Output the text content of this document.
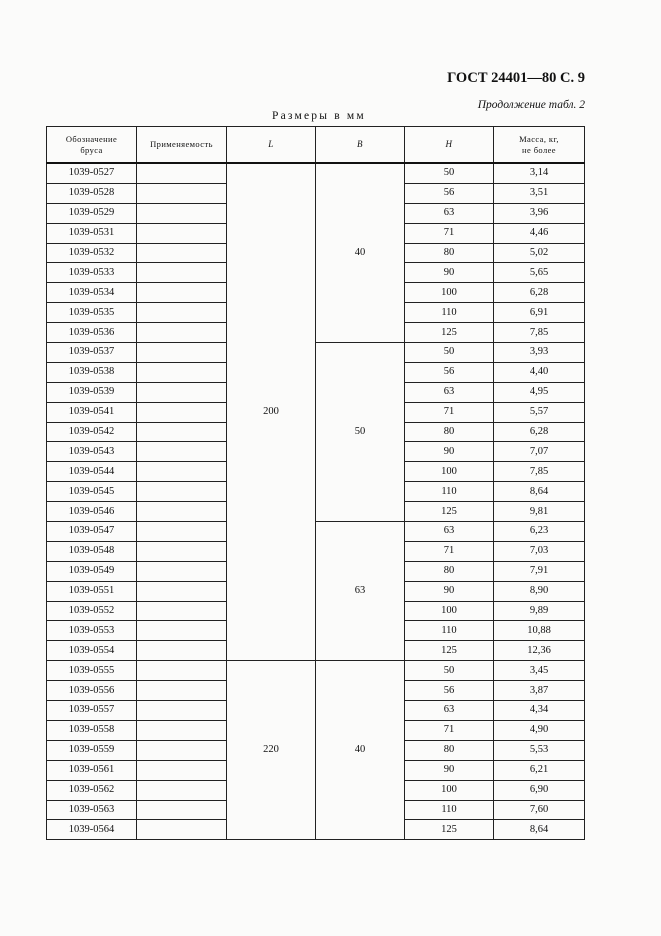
ГОСТ 24401—80 С. 9
Продолжение табл. 2
Размеры в мм
Обозначение
бруса	Применяемость	L	B	H	Масса, кг,
не более
1039-0527		200	40	50	3,14
1039-0528				56	3,51
1039-0529				63	3,96
1039-0531				71	4,46
1039-0532				80	5,02
1039-0533				90	5,65
1039-0534				100	6,28
1039-0535				110	6,91
1039-0536				125	7,85
1039-0537			50	50	3,93
1039-0538				56	4,40
1039-0539				63	4,95
1039-0541				71	5,57
1039-0542				80	6,28
1039-0543				90	7,07
1039-0544				100	7,85
1039-0545				110	8,64
1039-0546				125	9,81
1039-0547			63	63	6,23
1039-0548				71	7,03
1039-0549				80	7,91
1039-0551				90	8,90
1039-0552				100	9,89
1039-0553				110	10,88
1039-0554				125	12,36
1039-0555		220	40	50	3,45
1039-0556				56	3,87
1039-0557				63	4,34
1039-0558				71	4,90
1039-0559				80	5,53
1039-0561				90	6,21
1039-0562				100	6,90
1039-0563				110	7,60
1039-0564				125	8,64
